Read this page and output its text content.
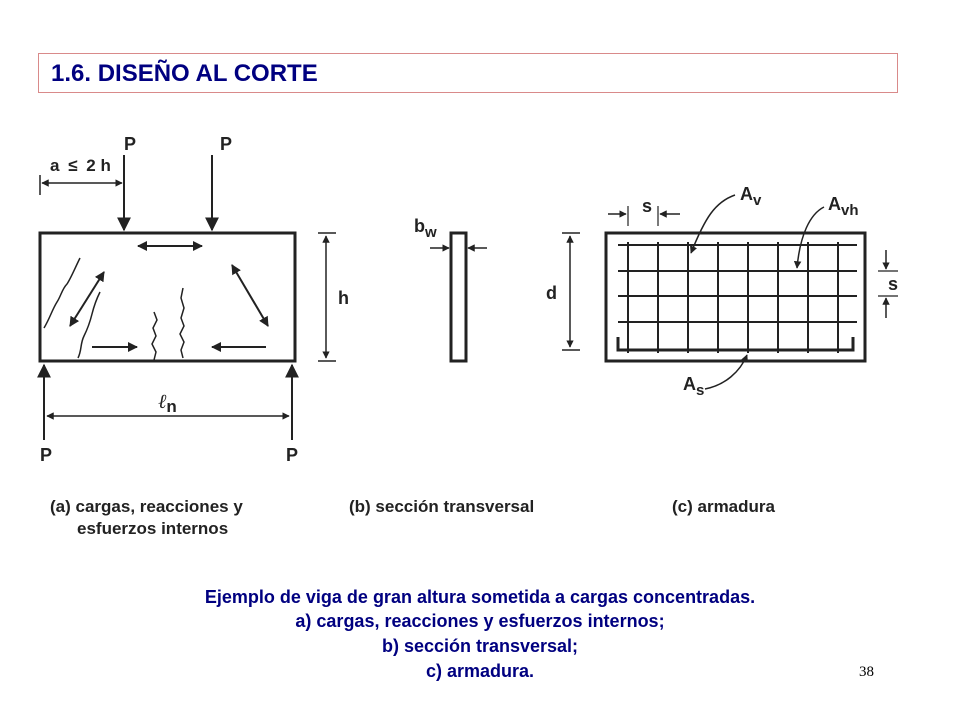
1.6. DISEÑO AL CORTE
P	P
a ≤ 2 h
h
P	P
ℓ$_n$
$b_w$
s
$A_v$	$A_{vh}$
d	s
$A_s$
(a) cargas, reacciones y
esfuerzos internos
(b) sección transversal	(c) armadura
Ejemplo de viga de gran altura sometida a cargas concentradas.
a) cargas, reacciones y esfuerzos internos;
b) sección transversal;
c) armadura.	38
